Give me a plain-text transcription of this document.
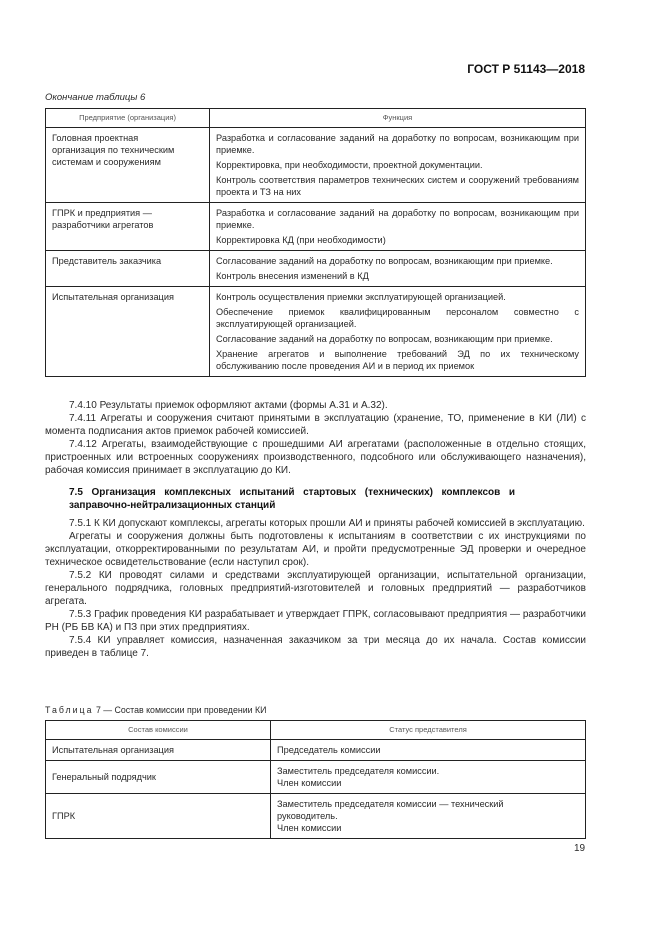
ГОСТ Р 51143—2018
Окончание таблицы 6
Предприятие (организация)	Функция

Головная проектная организация по техническим системам и сооружениям	Разработка и согласование заданий на доработку по вопросам, возникающим при приемке.

Корректировка, при необходимости, проектной документации.

Контроль соответствия параметров технических систем и сооружений требованиям проекта и ТЗ на них

ГПРК и предприятия — разработчики агрегатов	Разработка и согласование заданий на доработку по вопросам, возникающим при приемке.

Корректировка КД (при необходимости)

Представитель заказчика	Согласование заданий на доработку по вопросам, возникающим при приемке.

Контроль внесения изменений в КД

Испытательная организация	Контроль осуществления приемки эксплуатирующей организацией.

Обеспечение приемок квалифицированным персоналом совместно с эксплуатирующей организацией.

Согласование заданий на доработку по вопросам, возникающим при приемке.

Хранение агрегатов и выполнение требований ЭД по их техническому обслуживанию после проведения АИ и в период их приемок

7.4.10 Результаты приемок оформляют актами (формы А.31 и А.32).

7.4.11 Агрегаты и сооружения считают принятыми в эксплуатацию (хранение, ТО, применение в КИ (ЛИ) с момента подписания актов приемок рабочей комиссией.

7.4.12 Агрегаты, взаимодействующие с прошедшими АИ агрегатами (расположенные в отдельно стоящих, пристроенных или встроенных сооружениях производственного, подсобного или обслуживающего назначения), рабочая комиссия принимает в эксплуатацию до КИ.

7.5 Организация комплексных испытаний стартовых (технических) комплексов и заправочно-нейтрализационных станций

7.5.1 К КИ допускают комплексы, агрегаты которых прошли АИ и приняты рабочей комиссией в эксплуатацию.

Агрегаты и сооружения должны быть подготовлены к испытаниям в соответствии с их инструкциями по эксплуатации, откорректированными по результатам АИ, и пройти предусмотренные ЭД проверки и очередное техническое освидетельствование (если наступил срок).

7.5.2 КИ проводят силами и средствами эксплуатирующей организации, испытательной организации, генерального подрядчика, головных предприятий-изготовителей и головных предприятий — разработчиков агрегата.

7.5.3 График проведения КИ разрабатывает и утверждает ГПРК, согласовывают предприятия — разработчики РН (РБ БВ КА) и ПЗ при этих предприятиях.

7.5.4 КИ управляет комиссия, назначенная заказчиком за три месяца до их начала. Состав комиссии приведен в таблице 7.

Таблица 7 — Состав комиссии при проведении КИ
Состав комиссии	Статус представителя
Испытательная организация	Председатель комиссии

Генеральный подрядчик	Заместитель председателя комиссии.
Член комиссии

ГПРК	Заместитель председателя комиссии — технический руководитель.
Член комиссии
19
